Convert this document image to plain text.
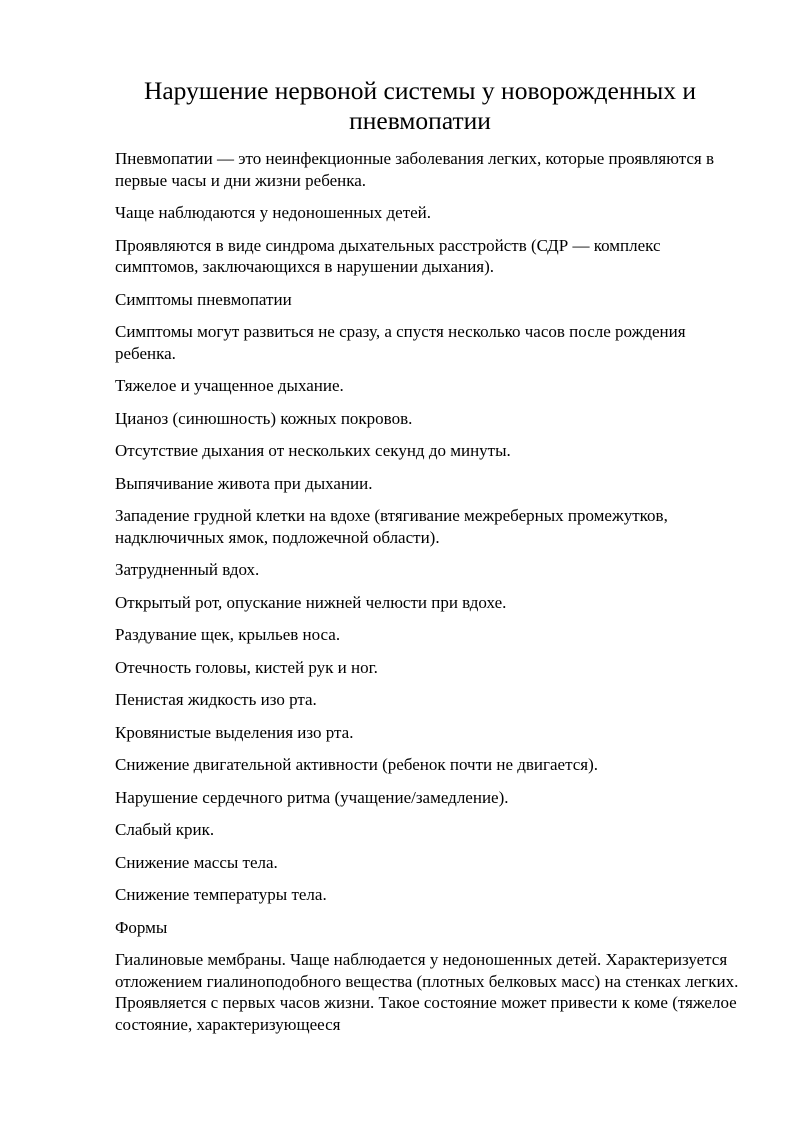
Нарушение нервоной системы у новорожденных и пневмопатии

Пневмопатии — это неинфекционные заболевания легких, которые проявляются в первые часы и дни жизни ребенка.

Чаще наблюдаются у недоношенных детей.

Проявляются в виде синдрома дыхательных расстройств (СДР — комплекс симптомов, заключающихся в нарушении дыхания).

Симптомы пневмопатии

Симптомы могут развиться не сразу, а спустя несколько часов после рождения ребенка.

Тяжелое и учащенное дыхание.

Цианоз (синюшность) кожных покровов.

Отсутствие дыхания от нескольких секунд до минуты.

Выпячивание живота при дыхании.

Западение грудной клетки на вдохе (втягивание межреберных промежутков, надключичных ямок, подложечной области).

Затрудненный вдох.

Открытый рот, опускание нижней челюсти при вдохе.

Раздувание щек, крыльев носа.

Отечность головы, кистей рук и ног.

Пенистая жидкость изо рта.

Кровянистые выделения изо рта.

Снижение двигательной активности (ребенок почти не двигается).

Нарушение сердечного ритма (учащение/замедление).

Слабый крик.

Снижение массы тела.

Снижение температуры тела.

Формы

Гиалиновые мембраны. Чаще наблюдается у недоношенных детей. Характеризуется отложением гиалиноподобного вещества (плотных белковых масс) на стенках легких. Проявляется с первых часов жизни. Такое состояние может привести к коме (тяжелое состояние, характеризующееся
